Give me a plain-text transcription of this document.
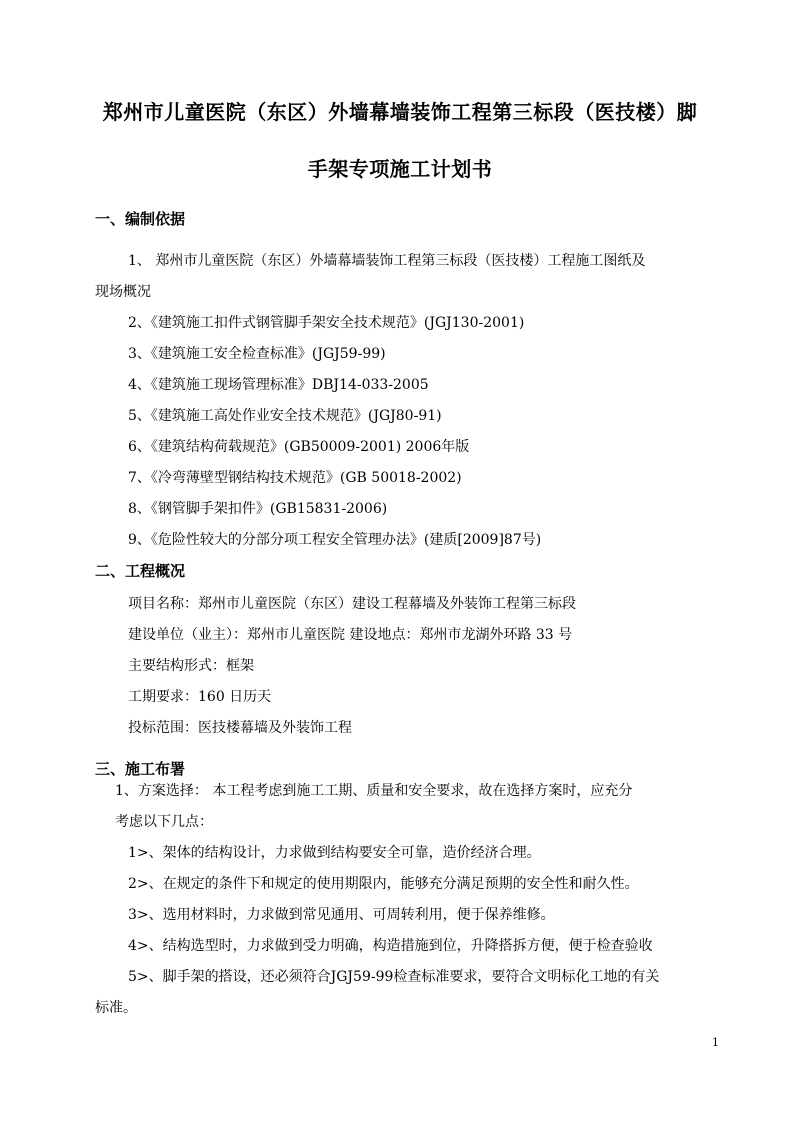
郑州市儿童医院（东区）外墙幕墙装饰工程第三标段（医技楼）脚
手架专项施工计划书
一、编制依据
1、 郑州市儿童医院（东区）外墙幕墙装饰工程第三标段（医技楼）工程施工图纸及
现场概况
2、《建筑施工扣件式钢管脚手架安全技术规范》(JGJ130-2001)
3、《建筑施工安全检查标准》(JGJ59-99)
4、《建筑施工现场管理标准》DBJ14-033-2005
5、《建筑施工高处作业安全技术规范》(JGJ80-91)
6、《建筑结构荷载规范》(GB50009-2001) 2006年版
7、《冷弯薄壁型钢结构技术规范》(GB 50018-2002)
8、《钢管脚手架扣件》(GB15831-2006)
9、《危险性较大的分部分项工程安全管理办法》(建质[2009]87号)
二、工程概况
项目名称：郑州市儿童医院（东区）建设工程幕墙及外装饰工程第三标段
建设单位（业主）：郑州市儿童医院 建设地点：郑州市龙湖外环路 33 号
主要结构形式：框架
工期要求：160 日历天
投标范围：医技楼幕墙及外装饰工程
三、施工布署
1、方案选择： 本工程考虑到施工工期、质量和安全要求，故在选择方案时，应充分
考虑以下几点：
1>、架体的结构设计，力求做到结构要安全可靠，造价经济合理。
2>、在规定的条件下和规定的使用期限内，能够充分满足预期的安全性和耐久性。
3>、选用材料时，力求做到常见通用、可周转利用，便于保养维修。
4>、结构选型时，力求做到受力明确，构造措施到位，升降搭拆方便，便于检查验收
5>、脚手架的搭设，还必须符合JGJ59-99检查标准要求，要符合文明标化工地的有关
标准。
1
